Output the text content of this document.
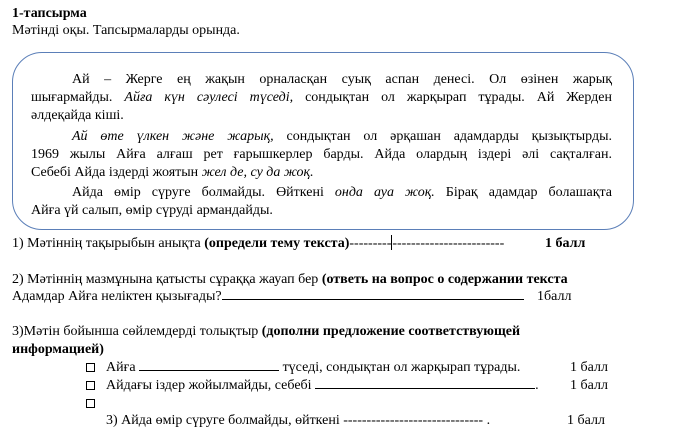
1-тапсырма
Мәтінді оқы. Тапсырмаларды орында.
Ай – Жерге ең жақын орналасқан суық аспан денесі. Ол өзінен жарық
шығармайды. Айға күн сәулесі түседі, сондықтан ол жарқырап тұрады. Ай Жерден
әлдеқайда кіші.
Ай өте үлкен және жарық, сондықтан ол әрқашан адамдарды қызықтырды.
1969 жылы Айға алғаш рет ғарышкерлер барды. Айда олардың іздері әлі сақталған.
Себебі Айда іздерді жоятын жел де, су да жоқ.
Айда өмір сүруге болмайды. Өйткені онда ауа жоқ. Бірақ адамдар болашақта
Айға үй салып, өмір сүруді армандайды.
1) Мәтіннің тақырыбын анықта (определи тему текста)---------------------------------	1 балл
2) Мәтіннің мазмұнына қатысты сұраққа жауап бер (ответь на вопрос о содержании текста
Адамдар Айға неліктен қызығады?	1балл
3)Мәтін бойынша сөйлемдерді толықтыр (дополни предложение соответствующей
информацией)
Айға	түседі, сондықтан ол жарқырап тұрады.	1 балл
Айдағы іздер жойылмайды, себебі	. 1 балл
3) Айда өмір сүруге болмайды, өйткені ------------------------------ .	1 балл
